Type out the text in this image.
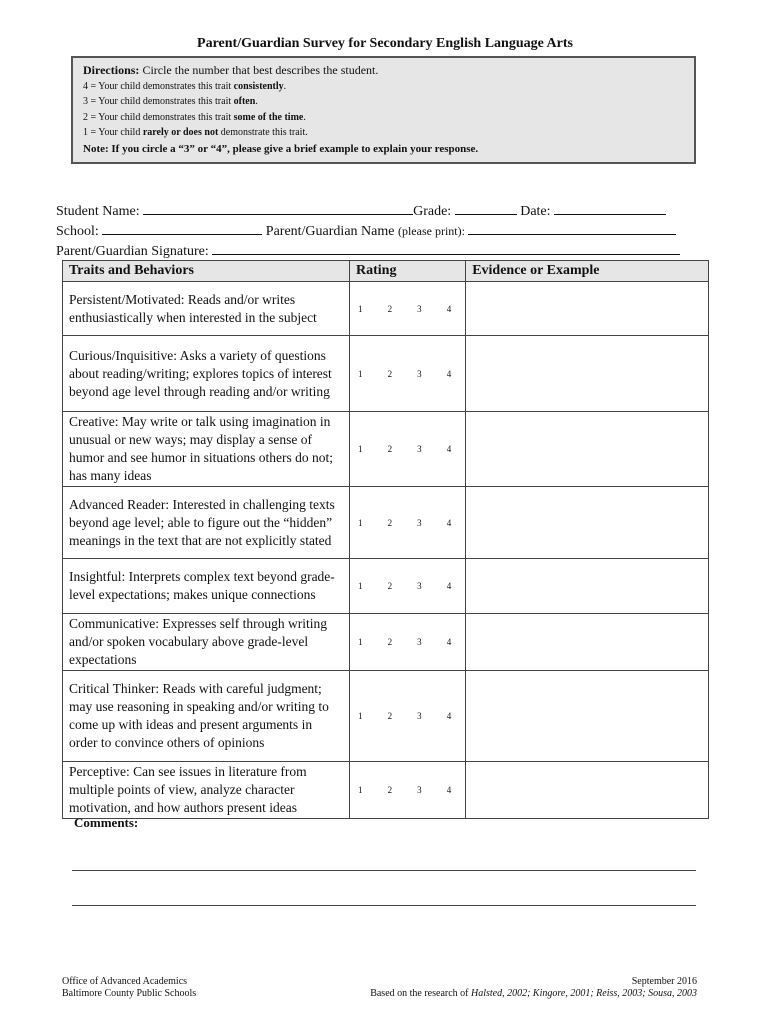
Parent/Guardian Survey for Secondary English Language Arts
Directions: Circle the number that best describes the student.
4 = Your child demonstrates this trait consistently.
3 = Your child demonstrates this trait often.
2 = Your child demonstrates this trait some of the time.
1 = Your child rarely or does not demonstrate this trait.
Note: If you circle a “3” or “4”, please give a brief example to explain your response.
Student Name:	Grade:	Date:
School:	Parent/Guardian Name (please print):
Parent/Guardian Signature:
Traits and Behaviors	Rating	Evidence or Example
Persistent/Motivated: Reads and/or writes enthusiastically when interested in the subject	1 2 3 4	

Curious/Inquisitive: Asks a variety of questions about reading/writing; explores topics of interest beyond age level through reading and/or writing	1 2 3 4	

Creative: May write or talk using imagination in unusual or new ways; may display a sense of humor and see humor in situations others do not; has many ideas	1 2 3 4	

Advanced Reader: Interested in challenging texts beyond age level; able to figure out the “hidden” meanings in the text that are not explicitly stated	1 2 3 4	

Insightful: Interprets complex text beyond grade-level expectations; makes unique connections	1 2 3 4	

Communicative: Expresses self through writing and/or spoken vocabulary above grade-level expectations	1 2 3 4	

Critical Thinker: Reads with careful judgment; may use reasoning in speaking and/or writing to come up with ideas and present arguments in order to convince others of opinions	1 2 3 4	

Perceptive: Can see issues in literature from multiple points of view, analyze character motivation, and how authors present ideas	1 2 3 4	

Comments:
Office of Advanced Academics
Baltimore County Public Schools
September 2016
Based on the research of Halsted, 2002; Kingore, 2001; Reiss, 2003; Sousa, 2003
